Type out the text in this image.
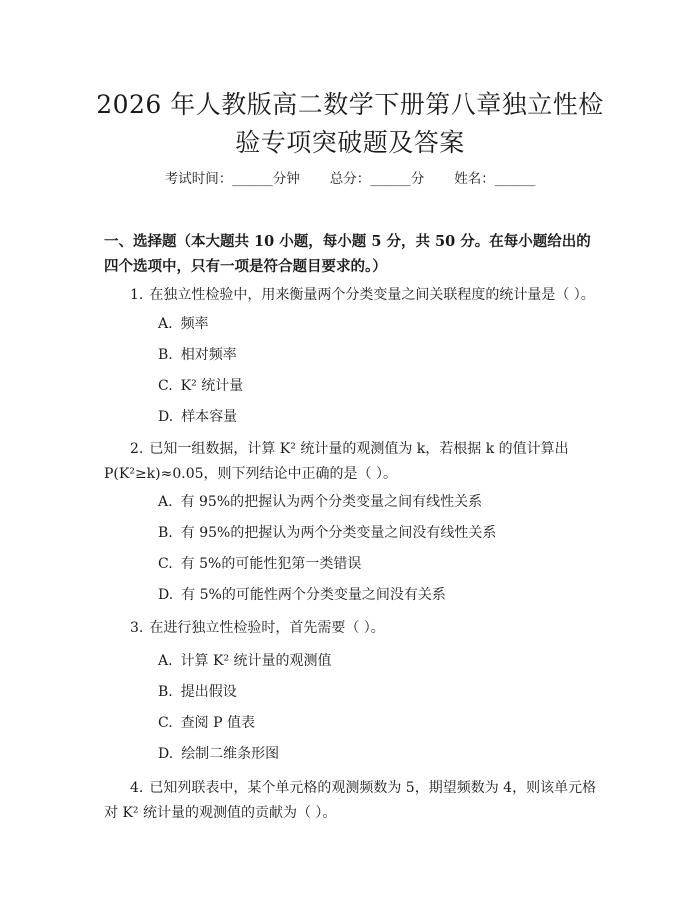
2026 年人教版高二数学下册第八章独立性检
验专项突破题及答案
考试时间：______分钟 总分：______分 姓名：______
一、选择题（本大题共 10 小题，每小题 5 分，共 50 分。在每小题给出的四个选项中，只有一项是符合题目要求的。）
1. 在独立性检验中，用来衡量两个分类变量之间关联程度的统计量是（ ）。
A. 频率
B. 相对频率
C. K² 统计量
D. 样本容量
2. 已知一组数据，计算 K² 统计量的观测值为 k，若根据 k 的值计算出 P(K²≥k)≈0.05，则下列结论中正确的是（ ）。
A. 有 95%的把握认为两个分类变量之间有线性关系
B. 有 95%的把握认为两个分类变量之间没有线性关系
C. 有 5%的可能性犯第一类错误
D. 有 5%的可能性两个分类变量之间没有关系
3. 在进行独立性检验时，首先需要（ ）。
A. 计算 K² 统计量的观测值
B. 提出假设
C. 查阅 P 值表
D. 绘制二维条形图
4. 已知列联表中，某个单元格的观测频数为 5，期望频数为 4，则该单元格对 K² 统计量的观测值的贡献为（ ）。
